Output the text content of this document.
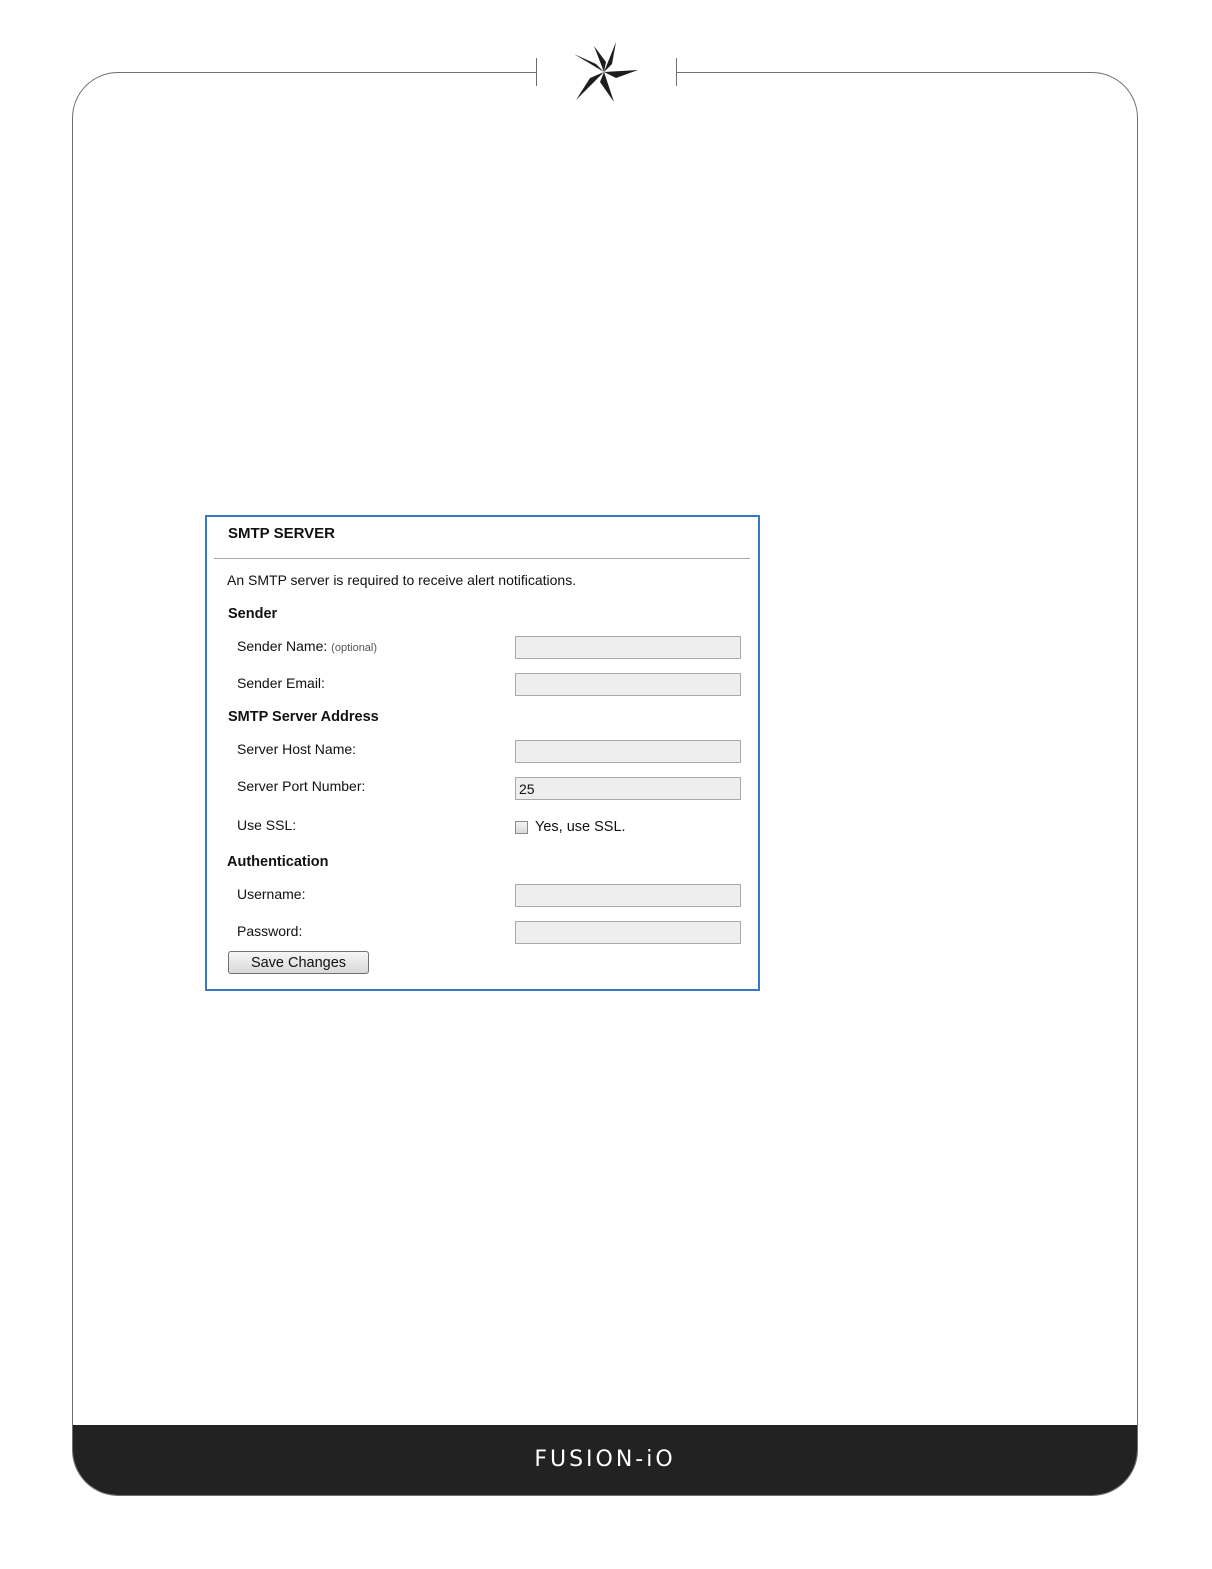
FUSION-iO
SMTP SERVER
An SMTP server is required to receive alert notifications.
Sender
Sender Name: (optional)
Sender Email:
SMTP Server Address
Server Host Name:
Server Port Number:
25
Use SSL:	Yes, use SSL.
Authentication
Username:
Password:
Save Changes
